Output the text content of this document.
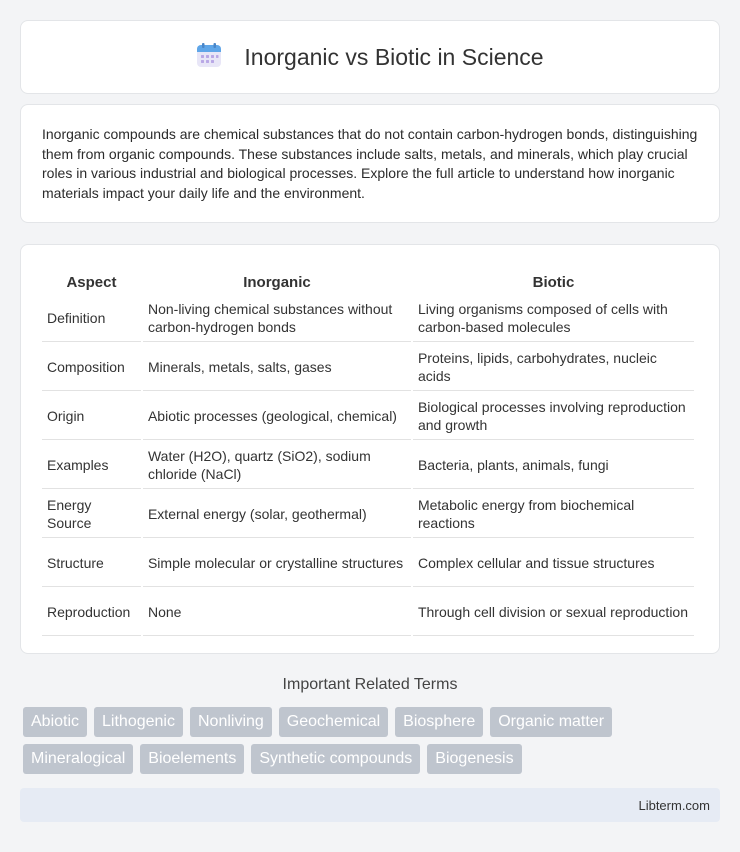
Inorganic vs Biotic in Science

Inorganic compounds are chemical substances that do not contain carbon-hydrogen bonds, distinguishing them from organic compounds. These substances include salts, metals, and minerals, which play crucial roles in various industrial and biological processes. Explore the full article to understand how inorganic materials impact your daily life and the environment.

Aspect	Inorganic	Biotic
Definition	Non-living chemical substances without carbon-hydrogen bonds	Living organisms composed of cells with carbon-based molecules
Composition	Minerals, metals, salts, gases	Proteins, lipids, carbohydrates, nucleic acids
Origin	Abiotic processes (geological, chemical)	Biological processes involving reproduction and growth
Examples	Water (H2O), quartz (SiO2), sodium chloride (NaCl)	Bacteria, plants, animals, fungi
Energy Source	External energy (solar, geothermal)	Metabolic energy from biochemical reactions
Structure	Simple molecular or crystalline structures	Complex cellular and tissue structures
Reproduction	None	Through cell division or sexual reproduction
Important Related Terms
Abiotic	Lithogenic	Nonliving	Geochemical	Biosphere	Organic matter
Mineralogical	Bioelements	Synthetic compounds	Biogenesis
Libterm.com
